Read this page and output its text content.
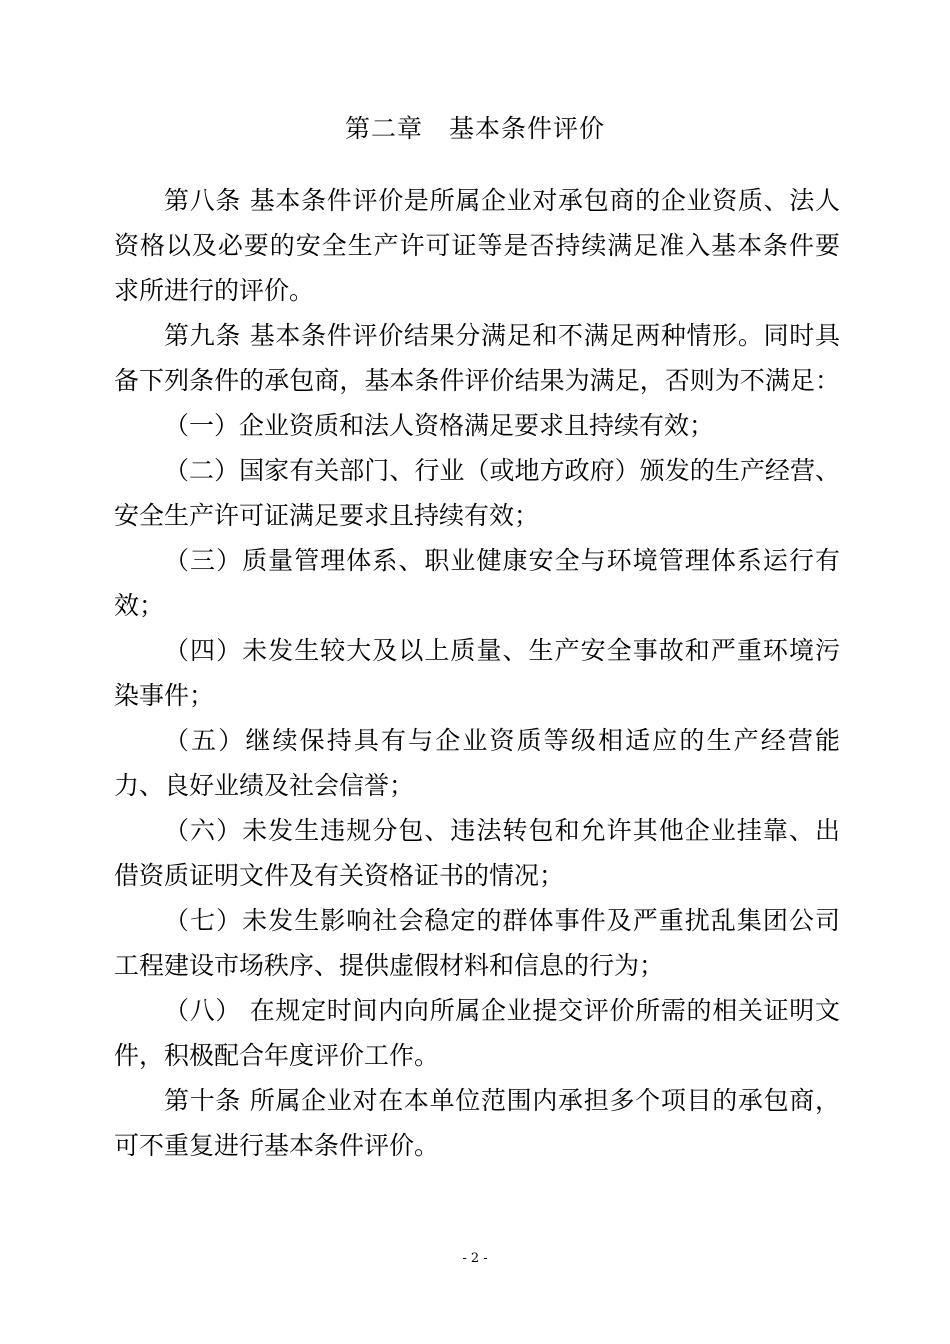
第二章　基本条件评价
第八条 基本条件评价是所属企业对承包商的企业资质、法人
资格以及必要的安全生产许可证等是否持续满足准入基本条件要
求所进行的评价。
第九条 基本条件评价结果分满足和不满足两种情形。同时具
备下列条件的承包商，基本条件评价结果为满足，否则为不满足：
（一）企业资质和法人资格满足要求且持续有效；
（二）国家有关部门、行业（或地方政府）颁发的生产经营、
安全生产许可证满足要求且持续有效；
（三）质量管理体系、职业健康安全与环境管理体系运行有
效；
（四）未发生较大及以上质量、生产安全事故和严重环境污
染事件；
（五）继续保持具有与企业资质等级相适应的生产经营能
力、良好业绩及社会信誉；
（六）未发生违规分包、违法转包和允许其他企业挂靠、出
借资质证明文件及有关资格证书的情况；
（七）未发生影响社会稳定的群体事件及严重扰乱集团公司
工程建设市场秩序、提供虚假材料和信息的行为；
（八） 在规定时间内向所属企业提交评价所需的相关证明文
件，积极配合年度评价工作。
第十条 所属企业对在本单位范围内承担多个项目的承包商，
可不重复进行基本条件评价。
- 2 -
